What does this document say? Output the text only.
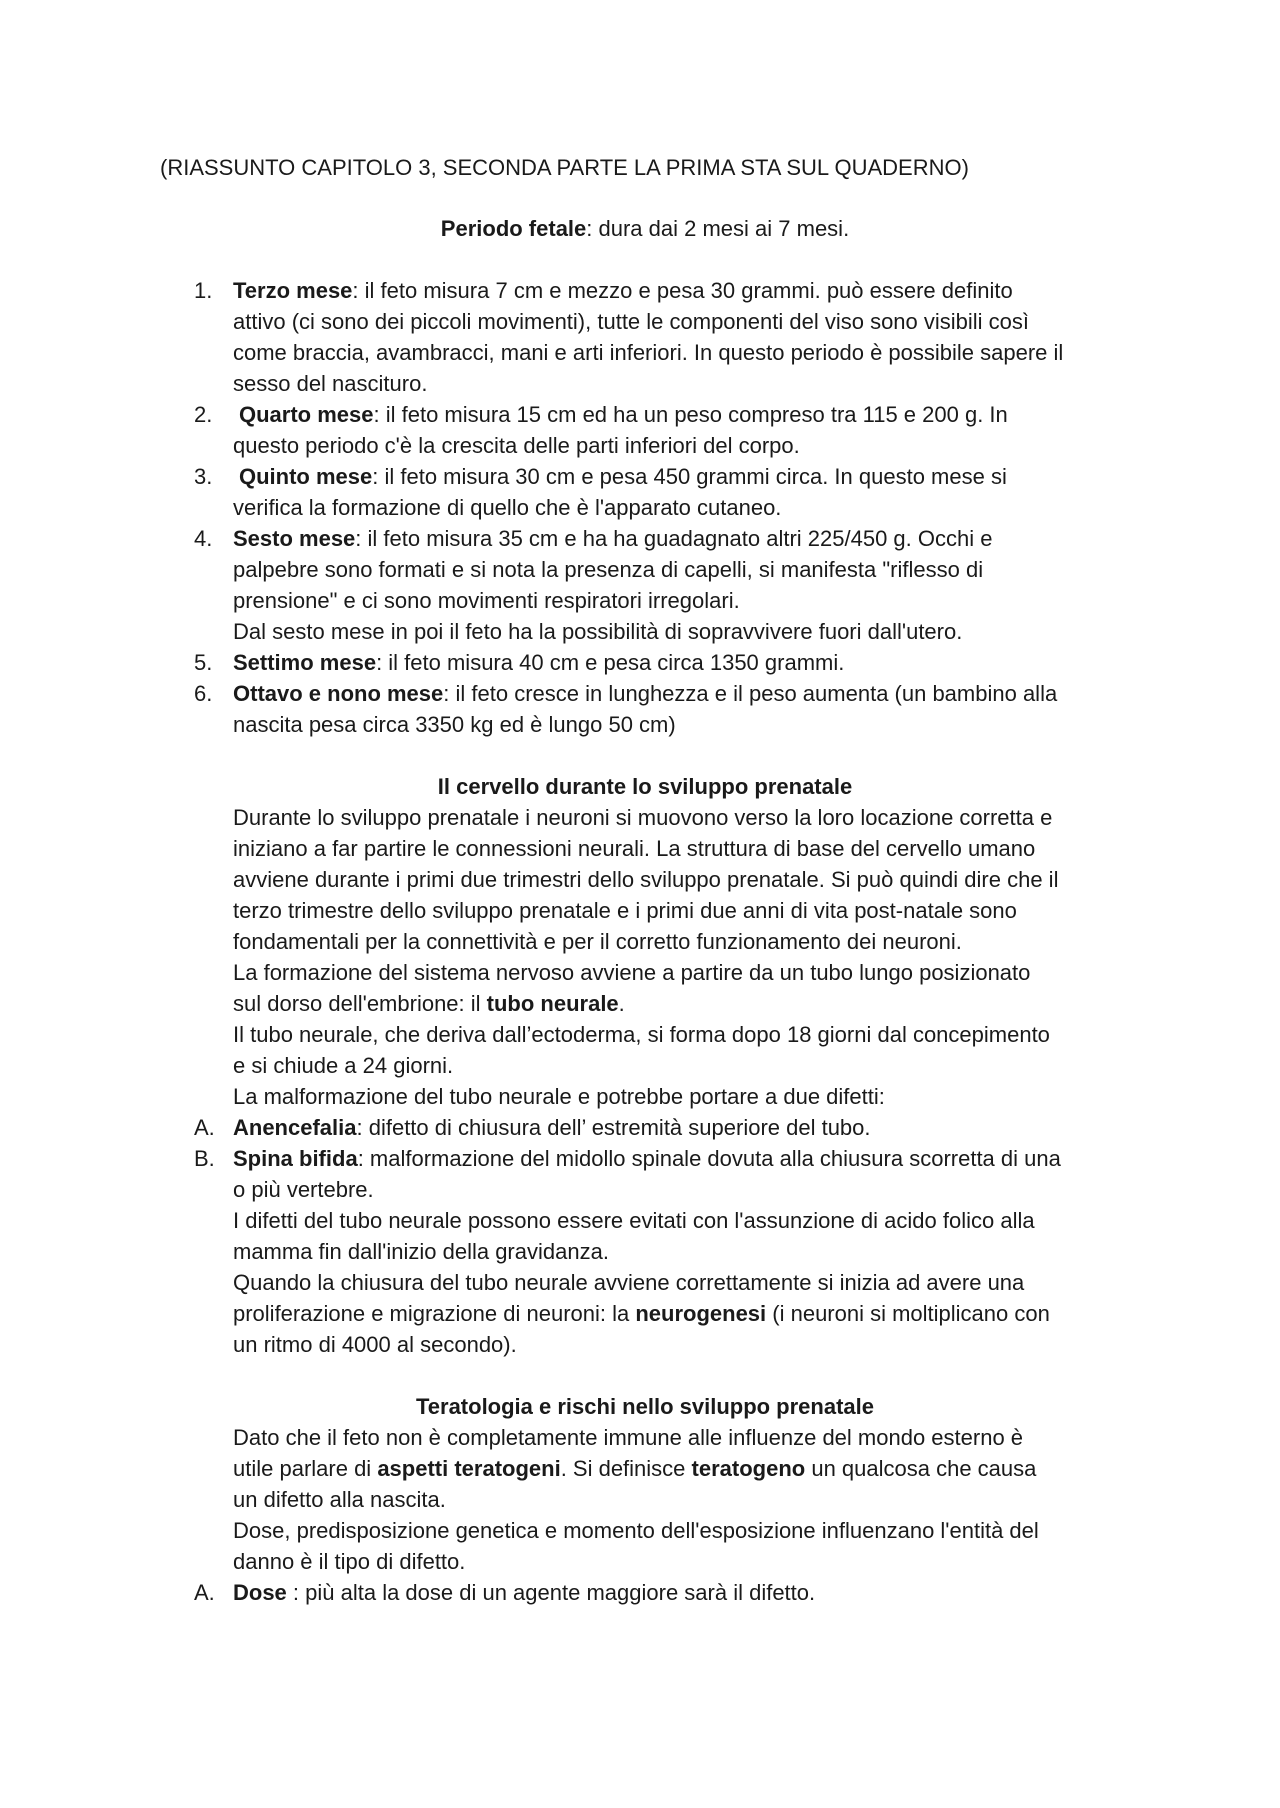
(RIASSUNTO CAPITOLO 3, SECONDA PARTE LA PRIMA STA SUL QUADERNO)

Periodo fetale: dura dai 2 mesi ai 7 mesi.

1. Terzo mese: il feto misura 7 cm e mezzo e pesa 30 grammi. può essere definito
attivo (ci sono dei piccoli movimenti), tutte le componenti del viso sono visibili così
come braccia, avambracci, mani e arti inferiori. In questo periodo è possibile sapere il
sesso del nascituro.
2.	Quarto mese: il feto misura 15 cm ed ha un peso compreso tra 115 e 200 g. In
questo periodo c'è la crescita delle parti inferiori del corpo.
3.	Quinto mese: il feto misura 30 cm e pesa 450 grammi circa. In questo mese si
verifica la formazione di quello che è l'apparato cutaneo.
4. Sesto mese: il feto misura 35 cm e ha ha guadagnato altri 225/450 g. Occhi e
palpebre sono formati e si nota la presenza di capelli, si manifesta "riflesso di
prensione" e ci sono movimenti respiratori irregolari.
Dal sesto mese in poi il feto ha la possibilità di sopravvivere fuori dall'utero.
5. Settimo mese: il feto misura 40 cm e pesa circa 1350 grammi.
6. Ottavo e nono mese: il feto cresce in lunghezza e il peso aumenta (un bambino alla
nascita pesa circa 3350 kg ed è lungo 50 cm)

Il cervello durante lo sviluppo prenatale

Durante lo sviluppo prenatale i neuroni si muovono verso la loro locazione corretta e
iniziano a far partire le connessioni neurali. La struttura di base del cervello umano
avviene durante i primi due trimestri dello sviluppo prenatale. Si può quindi dire che il
terzo trimestre dello sviluppo prenatale e i primi due anni di vita post-natale sono
fondamentali per la connettività e per il corretto funzionamento dei neuroni.
La formazione del sistema nervoso avviene a partire da un tubo lungo posizionato
sul dorso dell'embrione: il tubo neurale.
Il tubo neurale, che deriva dall’ectoderma, si forma dopo 18 giorni dal concepimento
e si chiude a 24 giorni.
La malformazione del tubo neurale e potrebbe portare a due difetti:

A. Anencefalia: difetto di chiusura dell’ estremità superiore del tubo.
B. Spina bifida: malformazione del midollo spinale dovuta alla chiusura scorretta di una
o più vertebre.

I difetti del tubo neurale possono essere evitati con l'assunzione di acido folico alla
mamma fin dall'inizio della gravidanza.
Quando la chiusura del tubo neurale avviene correttamente si inizia ad avere una
proliferazione e migrazione di neuroni: la neurogenesi (i neuroni si moltiplicano con
un ritmo di 4000 al secondo).

Teratologia e rischi nello sviluppo prenatale

Dato che il feto non è completamente immune alle influenze del mondo esterno è
utile parlare di aspetti teratogeni. Si definisce teratogeno un qualcosa che causa
un difetto alla nascita.
Dose, predisposizione genetica e momento dell'esposizione influenzano l'entità del
danno è il tipo di difetto.

A. Dose : più alta la dose di un agente maggiore sarà il difetto.
